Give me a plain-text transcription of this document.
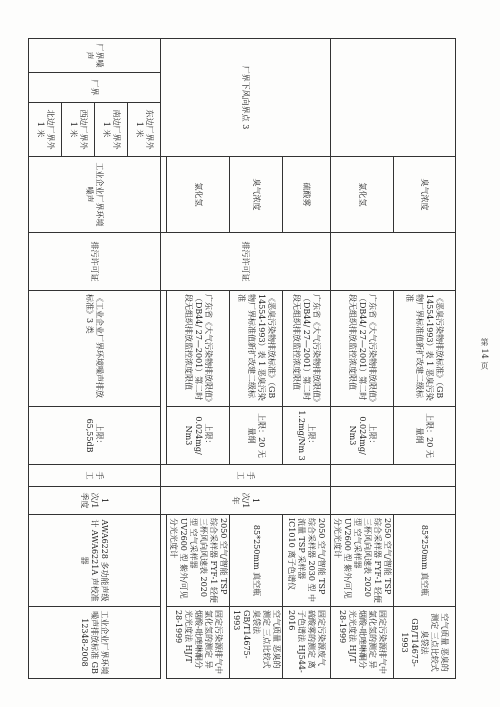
			臭气浓度		《恶臭污染物排放标准》（GB 14554-1993）表 1 恶臭污染物厂界标准值新扩改建二级标准	上限：20 无量纲			85*250mm 真空瓶	空气质量 恶臭的测定 三点比较式臭袋法 GB/T14675-1993
			氯化氢		广东省《大气污染物排放限值》（DB44/ 27—2001）第二时段无组织排放监控浓度限值	上限：0.024mg/ Nm3			2050 空气/智能 TSP 综合采样器 FYF-1 轻便三杯风向风速表 2020 型 空气采样器 UV2600 型 紫外/可见分光光度计	固定污染源排气中氯化氢的测定 异烟酸-吡唑啉酮分光光度法 HJ/T 28-1999
厂界下风向界点 3			硫酸雾	排污许可证	广东省《大气污染物排放限值》（DB44/ 27—2001）第二时段无组织排放监控浓度限值	上限：1.2mg/Nm 3	手工	1 次/1 年	2050 空气/智能 TSP 综合采样器 2030 型 中流量 TSP 采样器 IC1010 离子色谱仪	固定污染源废气 硫酸雾的测定 离子色谱法 HJ544-2016
			臭气浓度		《恶臭污染物排放标准》（GB 14554-1993）表 1 恶臭污染物厂界标准值新扩改建二级标准	上限：20 无量纲			85*250mm 真空瓶	空气质量 恶臭的测定 三点比较式臭袋法 GB/T14675-1993
			氯化氢		广东省《大气污染物排放限值》（DB44/ 27—2001）第二时段无组织排放监控浓度限值	上限：0.024mg/ Nm3			2050 空气/智能 TSP 综合采样器 FYF-1 轻便三杯风向风速表 2020 型 空气采样器 UV2600 型 紫外/可见分光光度计	固定污染源排气中氯化氢的测定 异烟酸-吡唑啉酮分光光度法 HJ/T 28-1999

厂界噪声	厂界	东边厂界外 1 米	工业企业厂界环境噪声	排污许可证	《工业企业厂界环境噪声排放标准》3 类	上限：65,55dB	手工	1 次/1 季度	AWA6228 多功能声级计 AWA6221A 声校准器	工业企业厂界环境噪声排放标准 GB 12348-2008
		南边厂界外 1 米								
		西边厂界外 1 米								
		北边厂界外 1 米								
第 14 页
